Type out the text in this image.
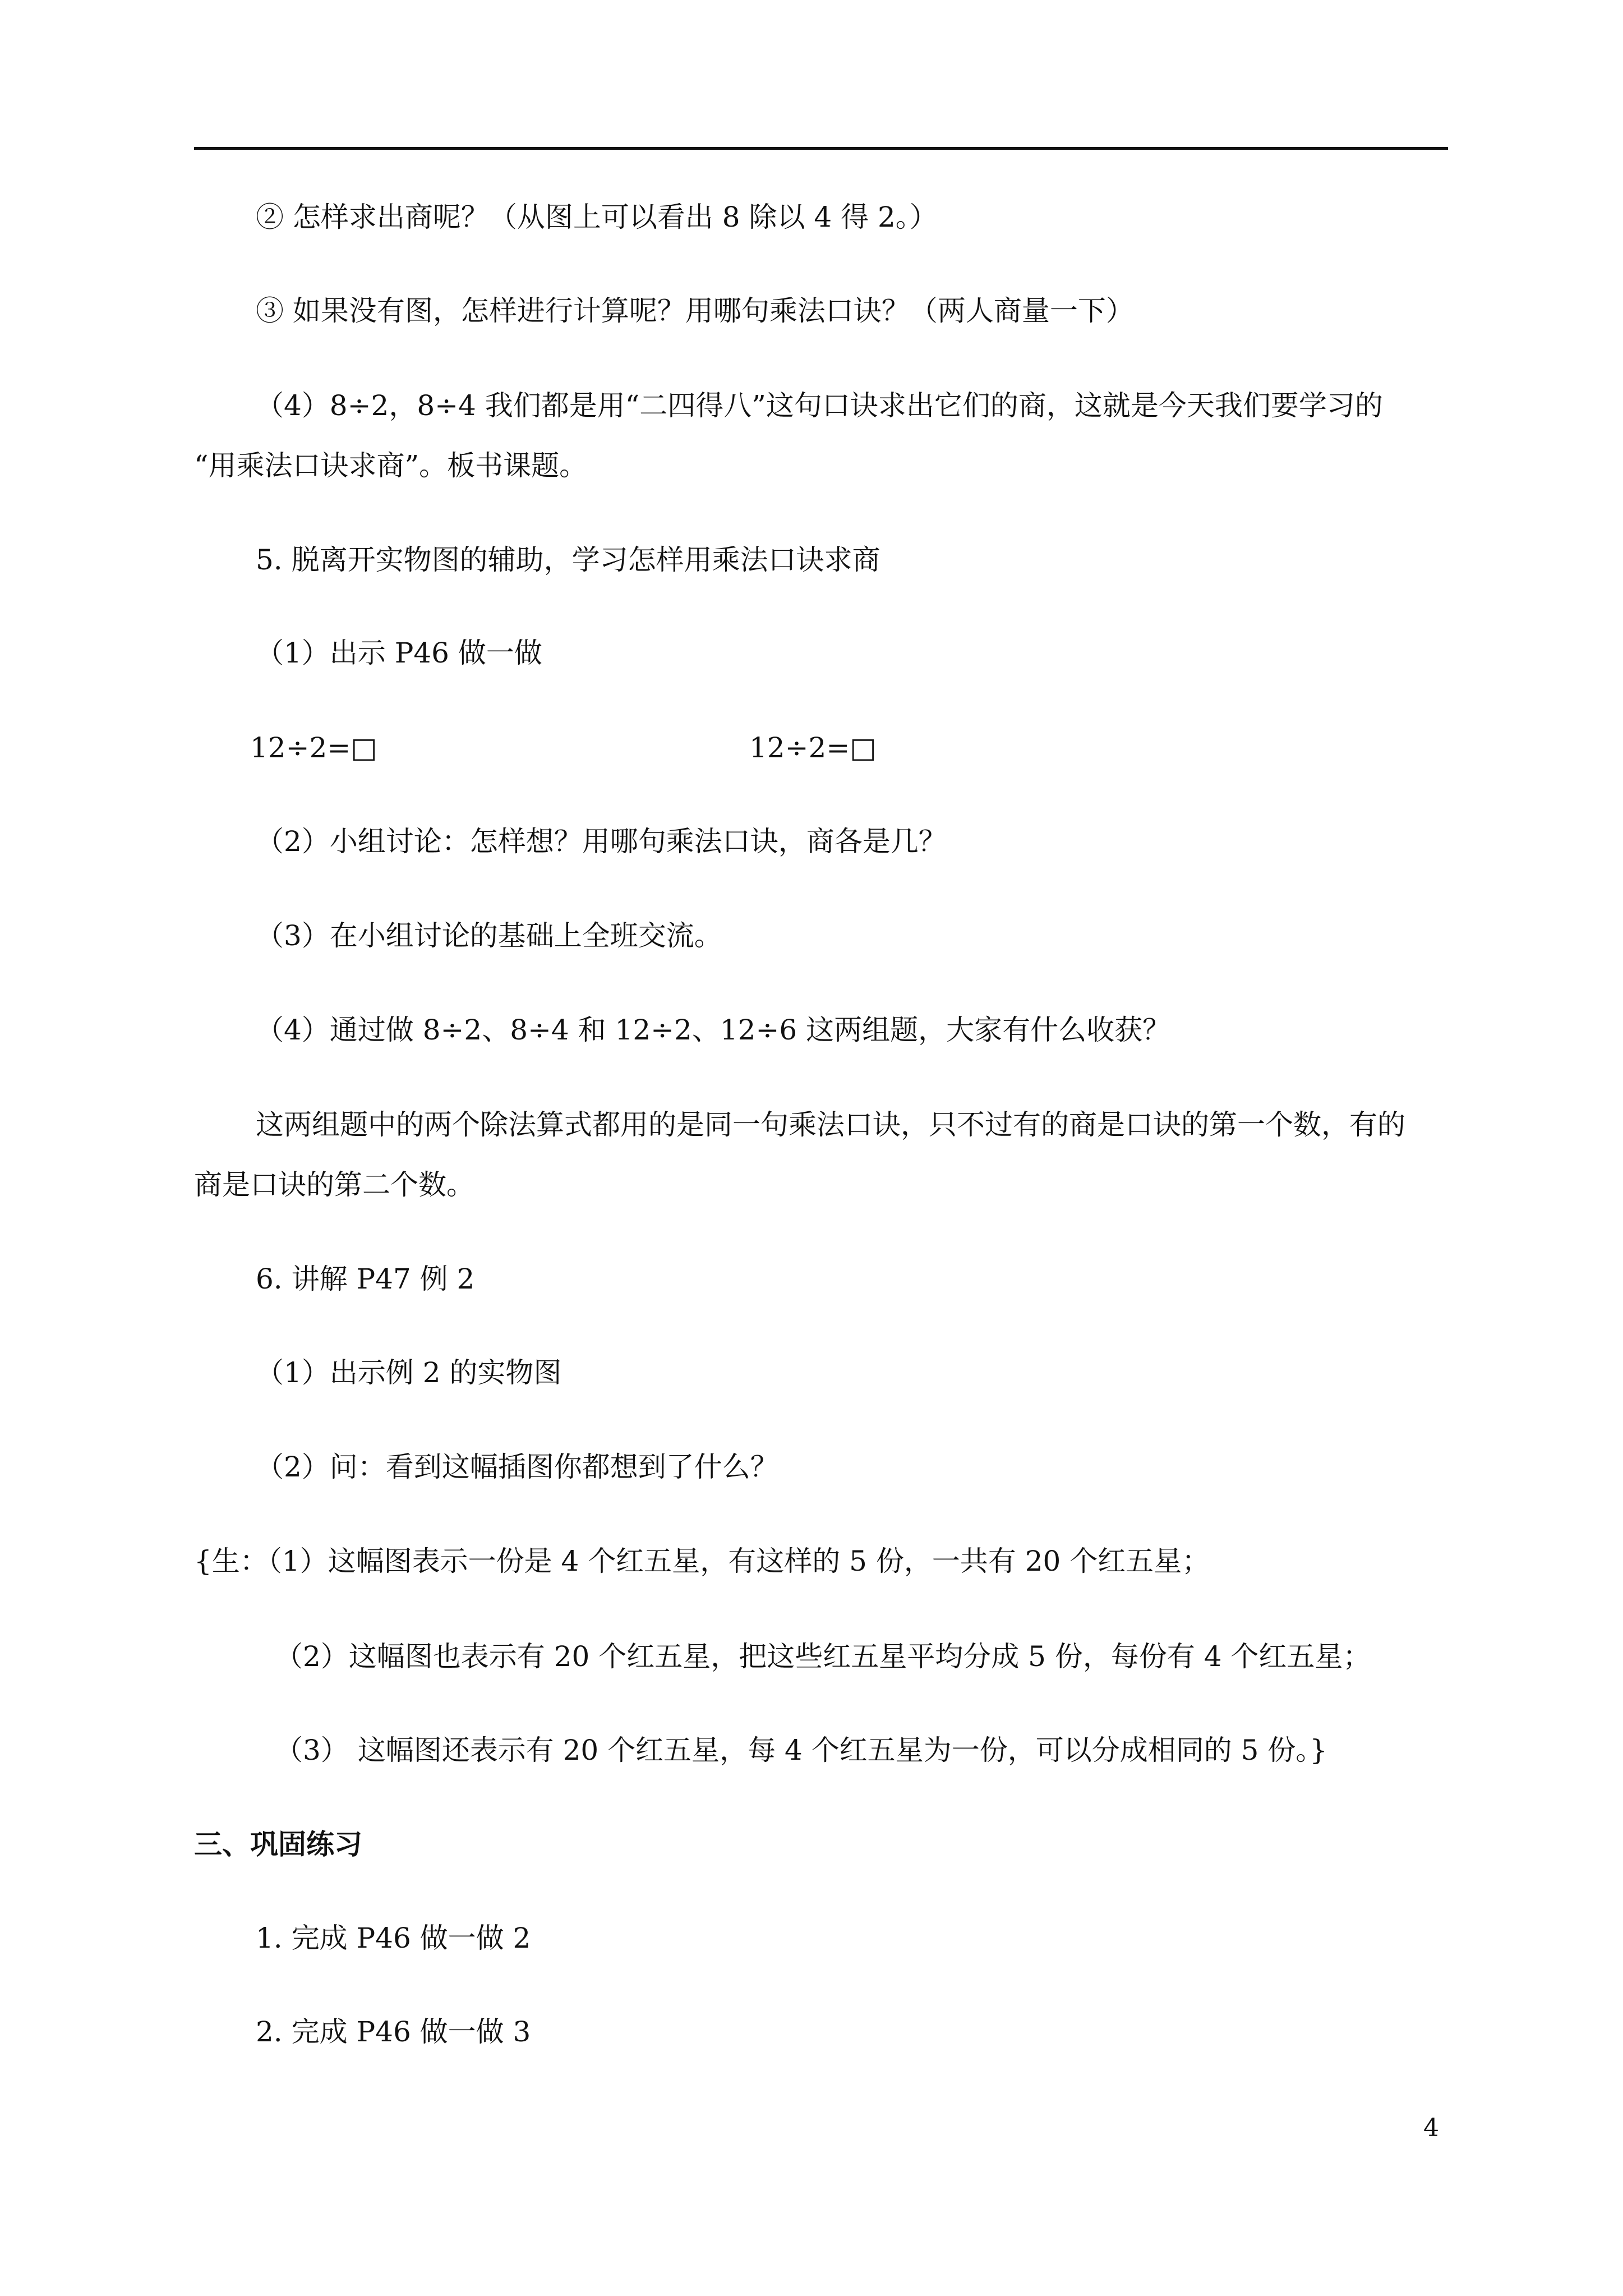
② 怎样求出商呢？（从图上可以看出 8 除以 4 得 2。）
③ 如果没有图，怎样进行计算呢？用哪句乘法口诀？（两人商量一下）
（4）8÷2，8÷4 我们都是用“二四得八”这句口诀求出它们的商，这就是今天我们要学习的
“用乘法口诀求商”。板书课题。
5. 脱离开实物图的辅助，学习怎样用乘法口诀求商
（1）出示 P46 做一做
12÷2=□	12÷2=□
（2）小组讨论：怎样想？用哪句乘法口诀，商各是几？
（3）在小组讨论的基础上全班交流。
（4）通过做 8÷2、8÷4 和 12÷2、12÷6 这两组题，大家有什么收获？
这两组题中的两个除法算式都用的是同一句乘法口诀，只不过有的商是口诀的第一个数，有的
商是口诀的第二个数。
6. 讲解 P47 例 2
（1）出示例 2 的实物图
（2）问：看到这幅插图你都想到了什么？
{生：（1）这幅图表示一份是 4 个红五星，有这样的 5 份，一共有 20 个红五星；
（2）这幅图也表示有 20 个红五星，把这些红五星平均分成 5 份，每份有 4 个红五星；
（3） 这幅图还表示有 20 个红五星，每 4 个红五星为一份，可以分成相同的 5 份。}
三、巩固练习
1. 完成 P46 做一做 2
2. 完成 P46 做一做 3
4
